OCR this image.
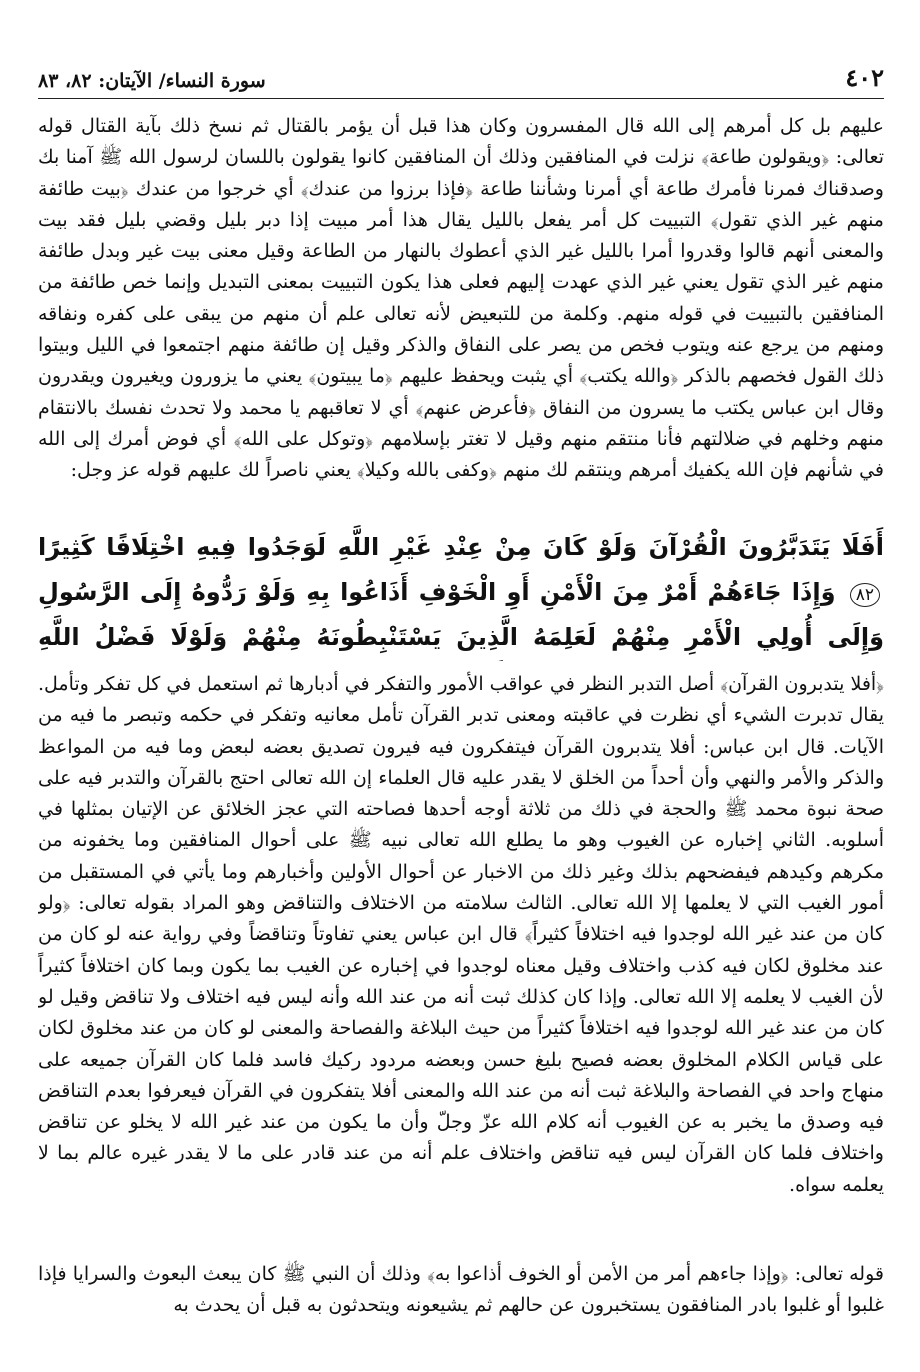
٤٠٢
سورة النساء/ الآيتان: ٨٢، ٨٣

عليهم بل كل أمرهم إلى الله قال المفسرون وكان هذا قبل أن يؤمر بالقتال ثم نسخ ذلك بآية القتال قوله تعالى: ﴿ويقولون طاعة﴾ نزلت في المنافقين وذلك أن المنافقين كانوا يقولون باللسان لرسول الله ﷺ آمنا بك وصدقناك فمرنا فأمرك طاعة أي أمرنا وشأننا طاعة ﴿فإذا برزوا من عندك﴾ أي خرجوا من عندك ﴿بيت طائفة منهم غير الذي تقول﴾ التبييت كل أمر يفعل بالليل يقال هذا أمر مبيت إذا دبر بليل وقضي بليل فقد بيت والمعنى أنهم قالوا وقدروا أمرا بالليل غير الذي أعطوك بالنهار من الطاعة وقيل معنى بيت غير وبدل طائفة منهم غير الذي تقول يعني غير الذي عهدت إليهم فعلى هذا يكون التبييت بمعنى التبديل وإنما خص طائفة من المنافقين بالتبييت في قوله منهم. وكلمة من للتبعيض لأنه تعالى علم أن منهم من يبقى على كفره ونفاقه ومنهم من يرجع عنه ويتوب فخص من يصر على النفاق والذكر وقيل إن طائفة منهم اجتمعوا في الليل وبيتوا ذلك القول فخصهم بالذكر ﴿والله يكتب﴾ أي يثبت ويحفظ عليهم ﴿ما يبيتون﴾ يعني ما يزورون ويغيرون ويقدرون وقال ابن عباس يكتب ما يسرون من النفاق ﴿فأعرض عنهم﴾ أي لا تعاقبهم يا محمد ولا تحدث نفسك بالانتقام منهم وخلهم في ضلالتهم فأنا منتقم منهم وقيل لا تغتر بإسلامهم ﴿وتوكل على الله﴾ أي فوض أمرك إلى الله في شأنهم فإن الله يكفيك أمرهم وينتقم لك منهم ﴿وكفى بالله وكيلا﴾ يعني ناصراً لك عليهم قوله عز وجل:

أَفَلَا يَتَدَبَّرُونَ الْقُرْآنَ وَلَوْ كَانَ مِنْ عِنْدِ غَيْرِ اللَّهِ لَوَجَدُوا فِيهِ اخْتِلَافًا كَثِيرًا ٨٢ وَإِذَا جَاءَهُمْ أَمْرٌ مِنَ الْأَمْنِ أَوِ الْخَوْفِ أَذَاعُوا بِهِ وَلَوْ رَدُّوهُ إِلَى الرَّسُولِ وَإِلَى أُولِي الْأَمْرِ مِنْهُمْ لَعَلِمَهُ الَّذِينَ يَسْتَنْبِطُونَهُ مِنْهُمْ وَلَوْلَا فَضْلُ اللَّهِ

﴿أفلا يتدبرون القرآن﴾ أصل التدبر النظر في عواقب الأمور والتفكر في أدبارها ثم استعمل في كل تفكر وتأمل. يقال تدبرت الشيء أي نظرت في عاقبته ومعنى تدبر القرآن تأمل معانيه وتفكر في حكمه وتبصر ما فيه من الآيات. قال ابن عباس: أفلا يتدبرون القرآن فيتفكرون فيه فيرون تصديق بعضه لبعض وما فيه من المواعظ والذكر والأمر والنهي وأن أحداً من الخلق لا يقدر عليه قال العلماء إن الله تعالى احتج بالقرآن والتدبر فيه على صحة نبوة محمد ﷺ والحجة في ذلك من ثلاثة أوجه أحدها فصاحته التي عجز الخلائق عن الإتيان بمثلها في أسلوبه. الثاني إخباره عن الغيوب وهو ما يطلع الله تعالى نبيه ﷺ على أحوال المنافقين وما يخفونه من مكرهم وكيدهم فيفضحهم بذلك وغير ذلك من الاخبار عن أحوال الأولين وأخبارهم وما يأتي في المستقبل من أمور الغيب التي لا يعلمها إلا الله تعالى. الثالث سلامته من الاختلاف والتناقض وهو المراد بقوله تعالى: ﴿ولو كان من عند غير الله لوجدوا فيه اختلافاً كثيراً﴾ قال ابن عباس يعني تفاوتاً وتناقضاً وفي رواية عنه لو كان من عند مخلوق لكان فيه كذب واختلاف وقيل معناه لوجدوا في إخباره عن الغيب بما يكون وبما كان اختلافاً كثيراً لأن الغيب لا يعلمه إلا الله تعالى. وإذا كان كذلك ثبت أنه من عند الله وأنه ليس فيه اختلاف ولا تناقض وقيل لو كان من عند غير الله لوجدوا فيه اختلافاً كثيراً من حيث البلاغة والفصاحة والمعنى لو كان من عند مخلوق لكان على قياس الكلام المخلوق بعضه فصيح بليغ حسن وبعضه مردود ركيك فاسد فلما كان القرآن جميعه على منهاج واحد في الفصاحة والبلاغة ثبت أنه من عند الله والمعنى أفلا يتفكرون في القرآن فيعرفوا بعدم التناقض فيه وصدق ما يخبر به عن الغيوب أنه كلام الله عزّ وجلّ وأن ما يكون من عند غير الله لا يخلو عن تناقض واختلاف فلما كان القرآن ليس فيه تناقض واختلاف علم أنه من عند قادر على ما لا يقدر غيره عالم بما لا يعلمه سواه.

قوله تعالى: ﴿وإذا جاءهم أمر من الأمن أو الخوف أذاعوا به﴾ وذلك أن النبي ﷺ كان يبعث البعوث والسرايا فإذا غلبوا أو غلبوا بادر المنافقون يستخبرون عن حالهم ثم يشيعونه ويتحدثون به قبل أن يحدث به
